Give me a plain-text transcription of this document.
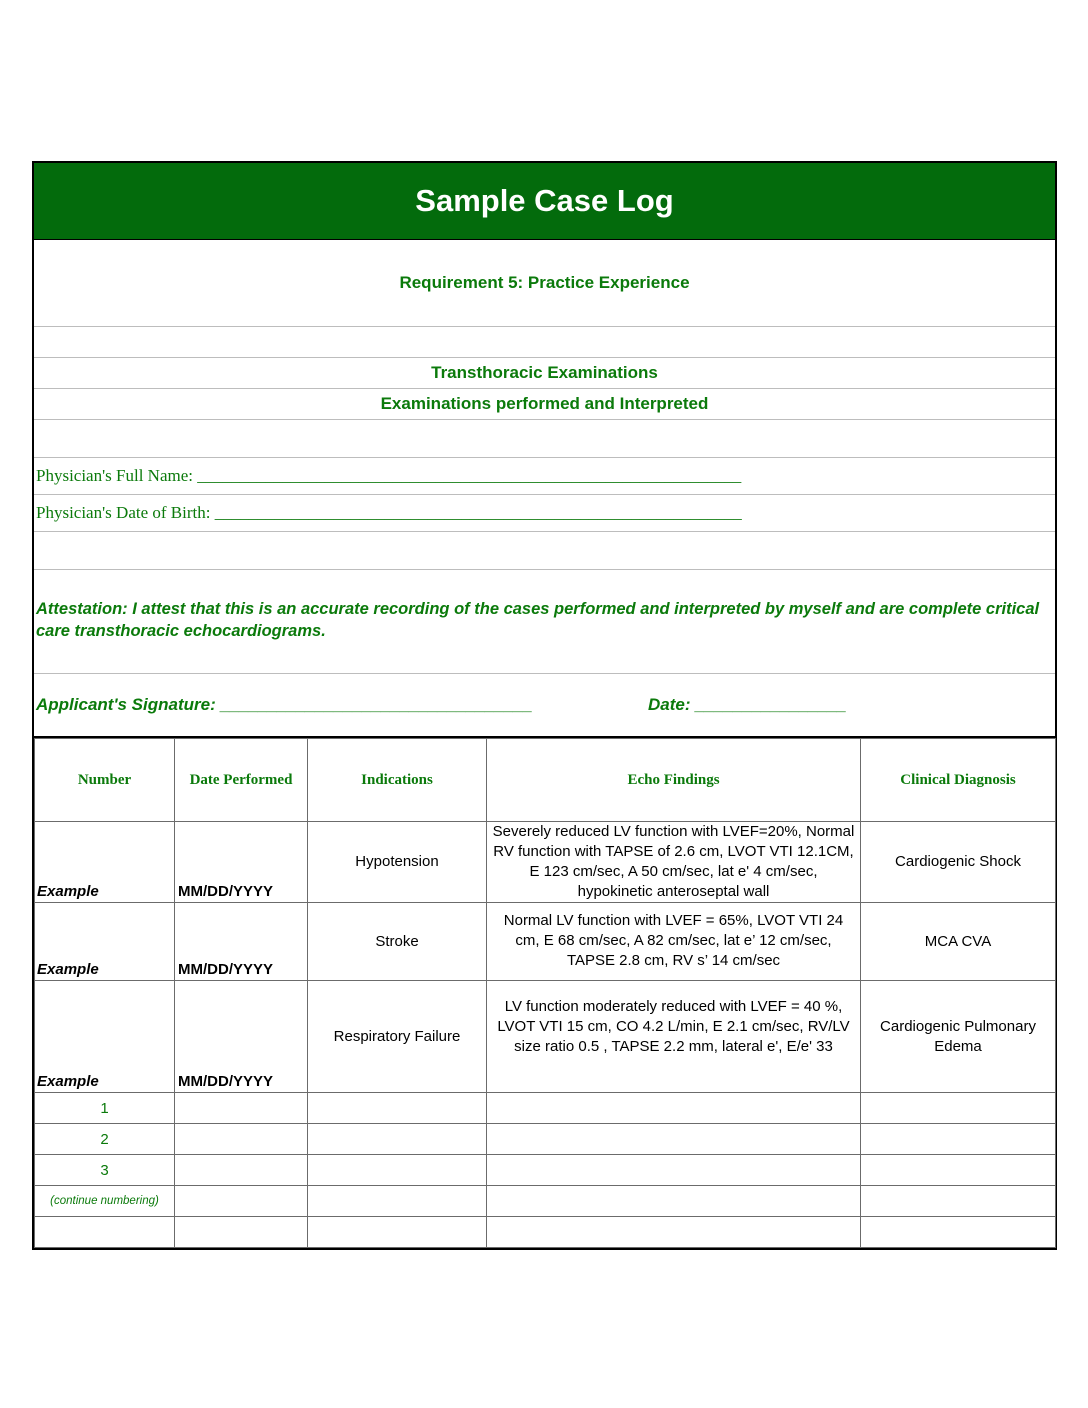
Sample Case Log
Requirement 5: Practice Experience
Transthoracic Examinations
Examinations performed and Interpreted
Physician's Full Name: ________________________________________________________________
Physician's Date of Birth: ______________________________________________________________
Attestation: I attest that this is an accurate recording of the cases performed and interpreted by myself and are complete critical care transthoracic echocardiograms.
Applicant's Signature: _________________________________	Date: ________________
Number	Date Performed	Indications	Echo Findings	Clinical Diagnosis
Example	MM/DD/YYYY	Hypotension	Severely reduced LV function with LVEF=20%, Normal RV function with TAPSE of 2.6 cm, LVOT VTI 12.1CM, E 123 cm/sec, A 50 cm/sec, lat e' 4 cm/sec, hypokinetic anteroseptal wall	Cardiogenic Shock
Example	MM/DD/YYYY	Stroke	Normal LV function with LVEF = 65%, LVOT VTI 24 cm, E 68 cm/sec, A 82 cm/sec, lat e’ 12 cm/sec, TAPSE 2.8 cm, RV s’ 14 cm/sec	MCA CVA
Example	MM/DD/YYYY	Respiratory Failure	LV function moderately reduced with LVEF = 40 %, LVOT VTI 15 cm, CO 4.2 L/min, E 2.1 cm/sec, RV/LV size ratio 0.5 , TAPSE 2.2 mm, lateral e', E/e' 33	Cardiogenic Pulmonary Edema
1				
2				
3				
(continue numbering)				
